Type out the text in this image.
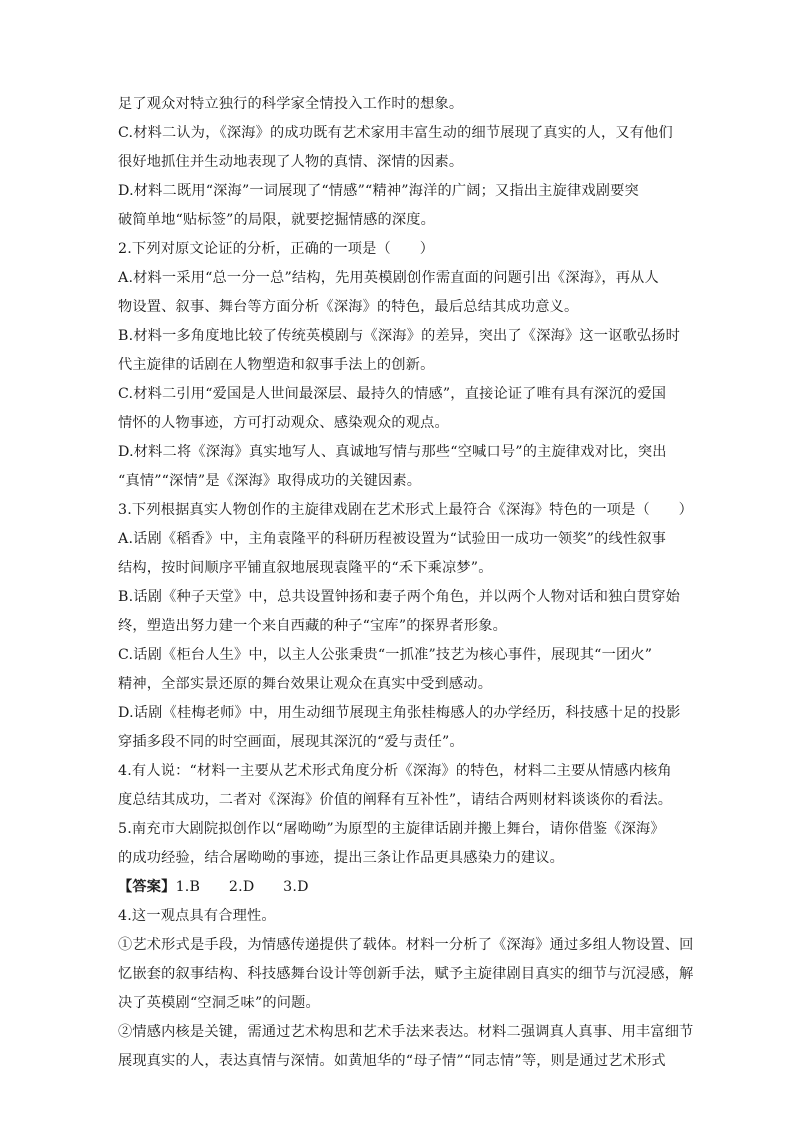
足了观众对特立独行的科学家全情投入工作时的想象。
C.材料二认为，《深海》的成功既有艺术家用丰富生动的细节展现了真实的人，又有他们
很好地抓住并生动地表现了人物的真情、深情的因素。
D.材料二既用“深海”一词展现了“情感”“精神”海洋的广阔；又指出主旋律戏剧要突
破简单地“贴标签”的局限，就要挖掘情感的深度。
2.下列对原文论证的分析，正确的一项是（　　）
A.材料一采用“总一分一总”结构，先用英模剧创作需直面的问题引出《深海》，再从人
物设置、叙事、舞台等方面分析《深海》的特色，最后总结其成功意义。
B.材料一多角度地比较了传统英模剧与《深海》的差异，突出了《深海》这一讴歌弘扬时
代主旋律的话剧在人物塑造和叙事手法上的创新。
C.材料二引用“爱国是人世间最深层、最持久的情感”，直接论证了唯有具有深沉的爱国
情怀的人物事迹，方可打动观众、感染观众的观点。
D.材料二将《深海》真实地写人、真诚地写情与那些“空喊口号”的主旋律戏对比，突出
“真情”“深情”是《深海》取得成功的关键因素。
3.下列根据真实人物创作的主旋律戏剧在艺术形式上最符合《深海》特色的一项是（　　）
A.话剧《稻香》中，主角袁隆平的科研历程被设置为“试验田一成功一领奖”的线性叙事
结构，按时间顺序平铺直叙地展现袁隆平的“禾下乘凉梦”。
B.话剧《种子天堂》中，总共设置钟扬和妻子两个角色，并以两个人物对话和独白贯穿始
终，塑造出努力建一个来自西藏的种子“宝库”的探界者形象。
C.话剧《柜台人生》中，以主人公张秉贵“一抓准”技艺为核心事件，展现其“一团火”
精神，全部实景还原的舞台效果让观众在真实中受到感动。
D.话剧《桂梅老师》中，用生动细节展现主角张桂梅感人的办学经历，科技感十足的投影
穿插多段不同的时空画面，展现其深沉的“爱与责任”。
4.有人说：“材料一主要从艺术形式角度分析《深海》的特色，材料二主要从情感内核角
度总结其成功，二者对《深海》价值的阐释有互补性”，请结合两则材料谈谈你的看法。
5.南充市大剧院拟创作以“屠呦呦”为原型的主旋律话剧并搬上舞台，请你借鉴《深海》
的成功经验，结合屠呦呦的事迹，提出三条让作品更具感染力的建议。
【答案】1.B　　2.D　　3.D
4.这一观点具有合理性。
①艺术形式是手段，为情感传递提供了载体。材料一分析了《深海》通过多组人物设置、回
忆嵌套的叙事结构、科技感舞台设计等创新手法，赋予主旋律剧目真实的细节与沉浸感，解
决了英模剧“空洞乏味”的问题。
②情感内核是关键，需通过艺术构思和艺术手法来表达。材料二强调真人真事、用丰富细节
展现真实的人，表达真情与深情。如黄旭华的“母子情”“同志情”等，则是通过艺术形式
